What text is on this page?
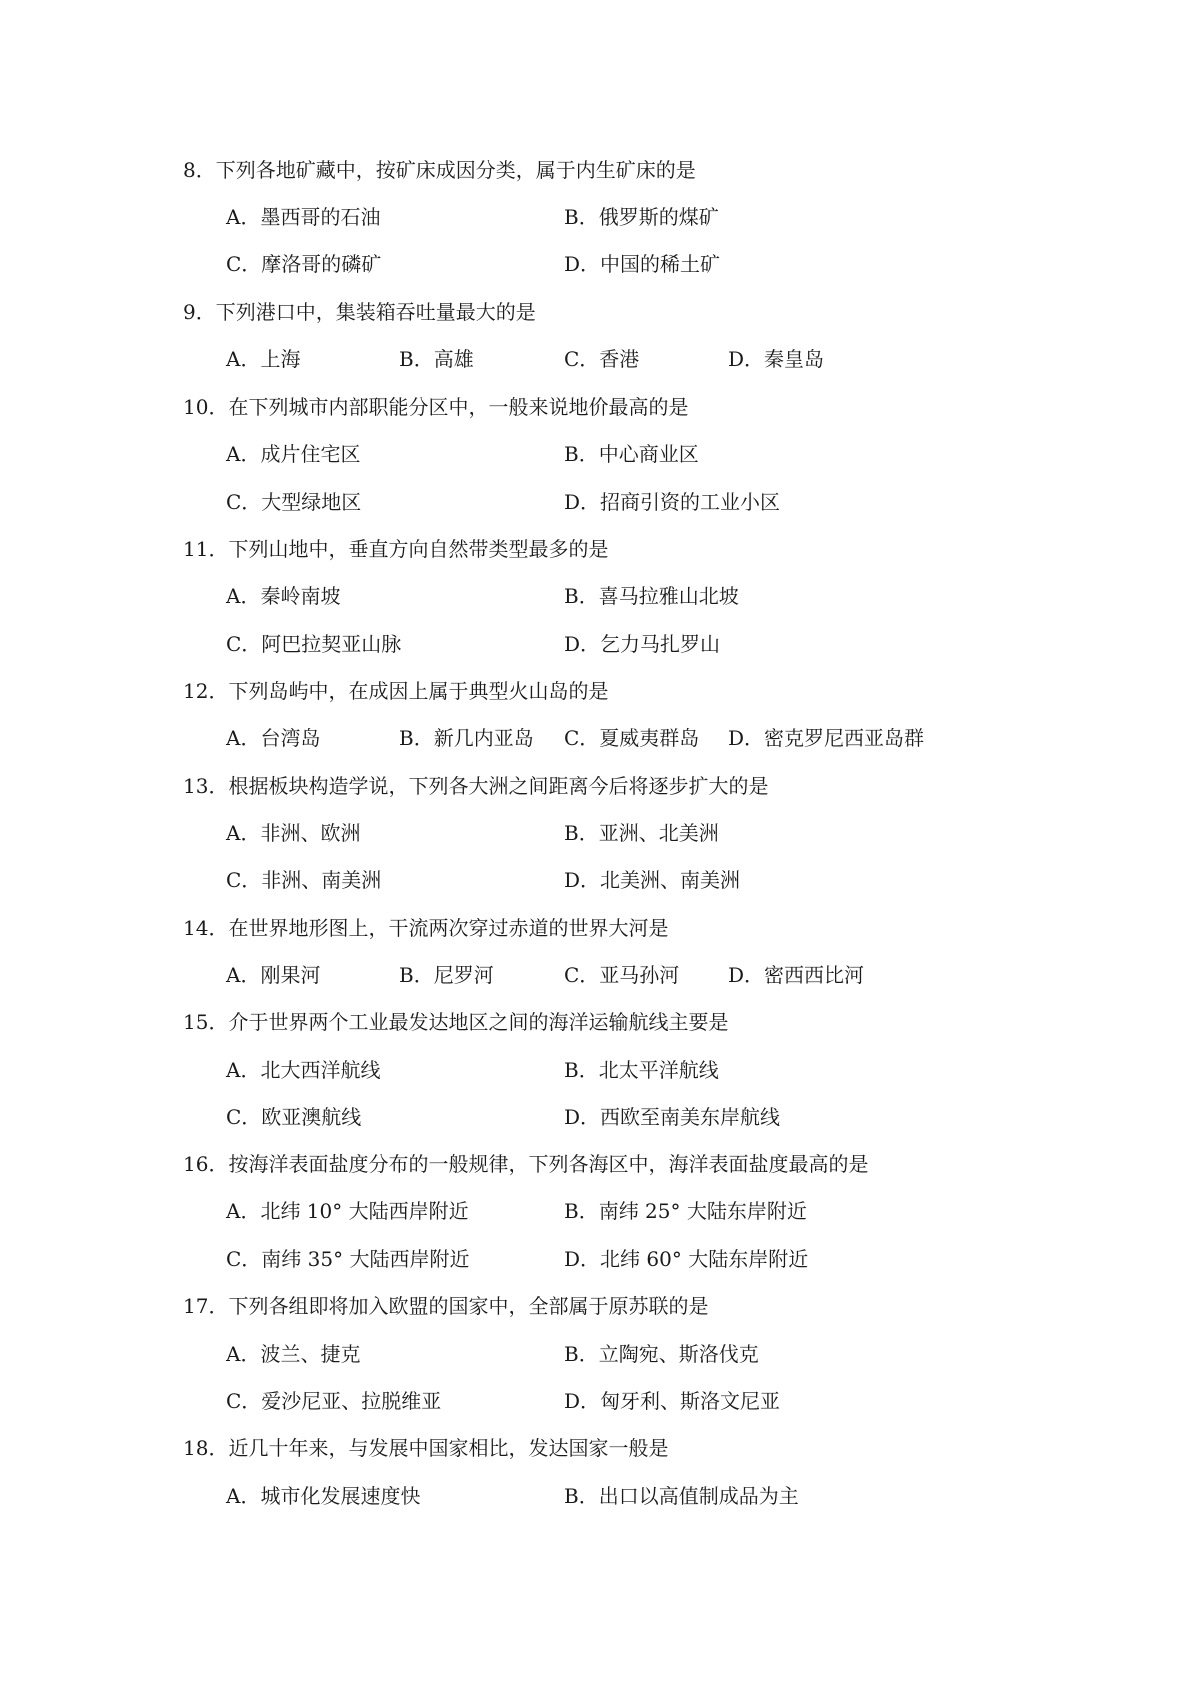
8．下列各地矿藏中，按矿床成因分类，属于内生矿床的是
A．墨西哥的石油	B．俄罗斯的煤矿
C．摩洛哥的磷矿	D．中国的稀土矿
9．下列港口中，集装箱吞吐量最大的是
A．上海	B．高雄	C．香港	D．秦皇岛
10．在下列城市内部职能分区中，一般来说地价最高的是
A．成片住宅区	B．中心商业区
C．大型绿地区	D．招商引资的工业小区
11．下列山地中，垂直方向自然带类型最多的是
A．秦岭南坡	B．喜马拉雅山北坡
C．阿巴拉契亚山脉	D．乞力马扎罗山
12．下列岛屿中，在成因上属于典型火山岛的是
A．台湾岛	B．新几内亚岛 C．夏威夷群岛 D．密克罗尼西亚岛群
13．根据板块构造学说，下列各大洲之间距离今后将逐步扩大的是
A．非洲、欧洲	B．亚洲、北美洲
C．非洲、南美洲	D．北美洲、南美洲
14．在世界地形图上，干流两次穿过赤道的世界大河是
A．刚果河	B．尼罗河	C．亚马孙河 D．密西西比河
15．介于世界两个工业最发达地区之间的海洋运输航线主要是
A．北大西洋航线	B．北太平洋航线
C．欧亚澳航线	D．西欧至南美东岸航线
16．按海洋表面盐度分布的一般规律，下列各海区中，海洋表面盐度最高的是
A．北纬 10° 大陆西岸附近	B．南纬 25° 大陆东岸附近
C．南纬 35° 大陆西岸附近	D．北纬 60° 大陆东岸附近
17．下列各组即将加入欧盟的国家中，全部属于原苏联的是
A．波兰、捷克	B．立陶宛、斯洛伐克
C．爱沙尼亚、拉脱维亚	D．匈牙利、斯洛文尼亚
18．近几十年来，与发展中国家相比，发达国家一般是
A．城市化发展速度快	B．出口以高值制成品为主
